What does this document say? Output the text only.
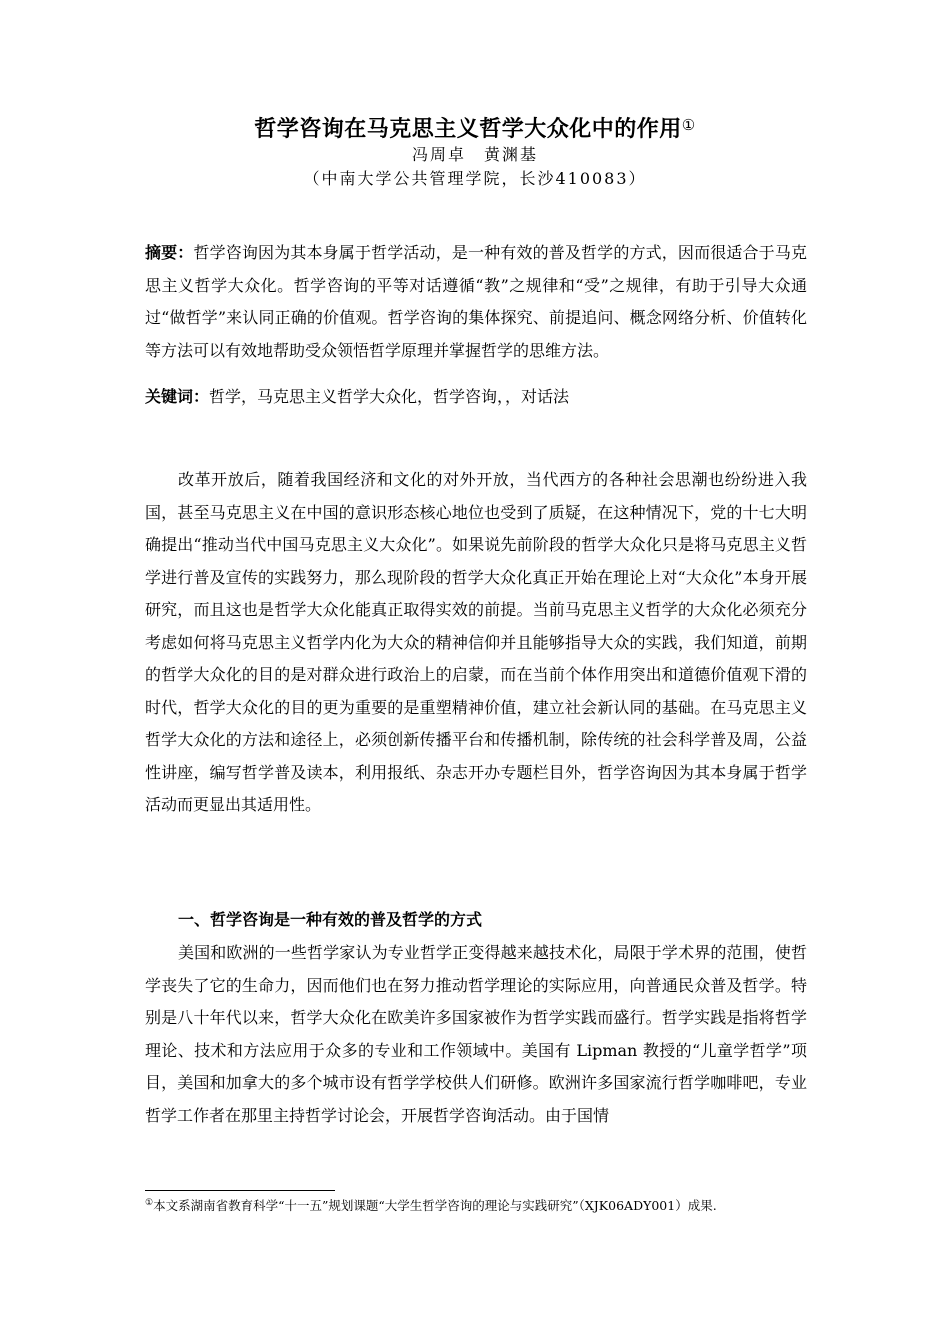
哲学咨询在马克思主义哲学大众化中的作用①
冯周卓　黄渊基
（中南大学公共管理学院，长沙410083）
摘要：哲学咨询因为其本身属于哲学活动，是一种有效的普及哲学的方式，因而很适合于马克思主义哲学大众化。哲学咨询的平等对话遵循“教”之规律和“受”之规律，有助于引导大众通过“做哲学”来认同正确的价值观。哲学咨询的集体探究、前提追问、概念网络分析、价值转化等方法可以有效地帮助受众领悟哲学原理并掌握哲学的思维方法。
关键词：哲学，马克思主义哲学大众化，哲学咨询，，对话法
改革开放后，随着我国经济和文化的对外开放，当代西方的各种社会思潮也纷纷进入我国，甚至马克思主义在中国的意识形态核心地位也受到了质疑，在这种情况下，党的十七大明确提出“推动当代中国马克思主义大众化”。如果说先前阶段的哲学大众化只是将马克思主义哲学进行普及宣传的实践努力，那么现阶段的哲学大众化真正开始在理论上对“大众化”本身开展研究，而且这也是哲学大众化能真正取得实效的前提。当前马克思主义哲学的大众化必须充分考虑如何将马克思主义哲学内化为大众的精神信仰并且能够指导大众的实践，我们知道，前期的哲学大众化的目的是对群众进行政治上的启蒙，而在当前个体作用突出和道德价值观下滑的时代，哲学大众化的目的更为重要的是重塑精神价值，建立社会新认同的基础。在马克思主义哲学大众化的方法和途径上，必须创新传播平台和传播机制，除传统的社会科学普及周，公益性讲座，编写哲学普及读本，利用报纸、杂志开办专题栏目外，哲学咨询因为其本身属于哲学活动而更显出其适用性。
一、哲学咨询是一种有效的普及哲学的方式
美国和欧洲的一些哲学家认为专业哲学正变得越来越技术化，局限于学术界的范围，使哲学丧失了它的生命力，因而他们也在努力推动哲学理论的实际应用，向普通民众普及哲学。特别是八十年代以来，哲学大众化在欧美许多国家被作为哲学实践而盛行。哲学实践是指将哲学理论、技术和方法应用于众多的专业和工作领域中。美国有 Lipman 教授的“儿童学哲学”项目，美国和加拿大的多个城市设有哲学学校供人们研修。欧洲许多国家流行哲学咖啡吧，专业哲学工作者在那里主持哲学讨论会，开展哲学咨询活动。由于国情
①本文系湖南省教育科学“十一五”规划课题“大学生哲学咨询的理论与实践研究”（XJK06ADY001）成果.
